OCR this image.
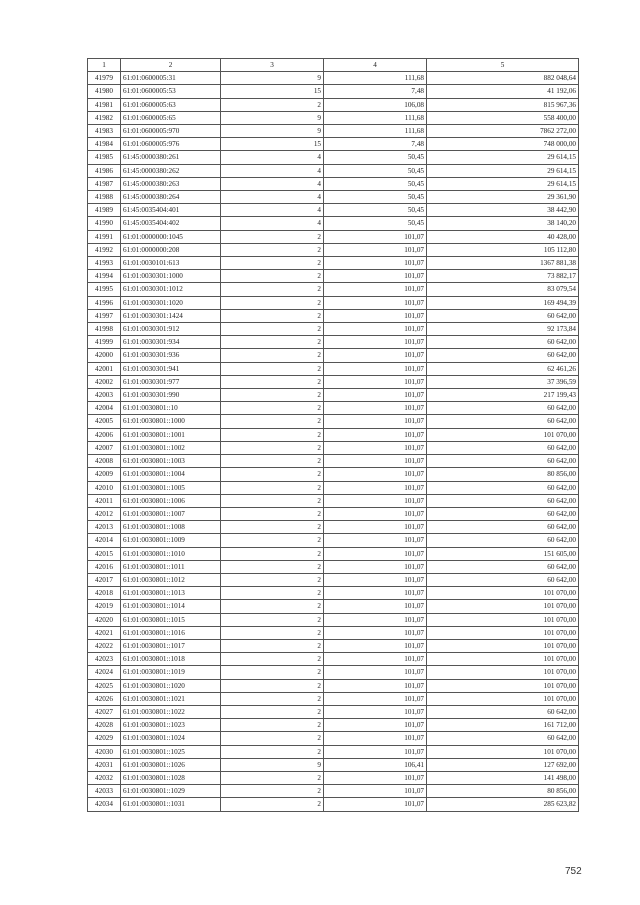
1	2	3	4	5
41979	61:01:0600005:31	9	111,68	882 048,64
41980	61:01:0600005:53	15	7,48	41 192,06
41981	61:01:0600005:63	2	106,08	815 967,36
41982	61:01:0600005:65	9	111,68	558 400,00
41983	61:01:0600005:970	9	111,68	7862 272,00
41984	61:01:0600005:976	15	7,48	748 000,00
41985	61:45:0000380:261	4	50,45	29 614,15
41986	61:45:0000380:262	4	50,45	29 614,15
41987	61:45:0000380:263	4	50,45	29 614,15
41988	61:45:0000380:264	4	50,45	29 361,90
41989	61:45:0035404:401	4	50,45	38 442,90
41990	61:45:0035404:402	4	50,45	38 140,20
41991	61:01:0000000:1045	2	101,07	40 428,00
41992	61:01:0000000:208	2	101,07	105 112,80
41993	61:01:0030101:613	2	101,07	1367 881,38
41994	61:01:0030301:1000	2	101,07	73 882,17
41995	61:01:0030301:1012	2	101,07	83 079,54
41996	61:01:0030301:1020	2	101,07	169 494,39
41997	61:01:0030301:1424	2	101,07	60 642,00
41998	61:01:0030301:912	2	101,07	92 173,84
41999	61:01:0030301:934	2	101,07	60 642,00
42000	61:01:0030301:936	2	101,07	60 642,00
42001	61:01:0030301:941	2	101,07	62 461,26
42002	61:01:0030301:977	2	101,07	37 396,59
42003	61:01:0030301:990	2	101,07	217 199,43
42004	61:01:0030801::10	2	101,07	60 642,00
42005	61:01:0030801::1000	2	101,07	60 642,00
42006	61:01:0030801::1001	2	101,07	101 070,00
42007	61:01:0030801::1002	2	101,07	60 642,00
42008	61:01:0030801::1003	2	101,07	60 642,00
42009	61:01:0030801::1004	2	101,07	80 856,00
42010	61:01:0030801::1005	2	101,07	60 642,00
42011	61:01:0030801::1006	2	101,07	60 642,00
42012	61:01:0030801::1007	2	101,07	60 642,00
42013	61:01:0030801::1008	2	101,07	60 642,00
42014	61:01:0030801::1009	2	101,07	60 642,00
42015	61:01:0030801::1010	2	101,07	151 605,00
42016	61:01:0030801::1011	2	101,07	60 642,00
42017	61:01:0030801::1012	2	101,07	60 642,00
42018	61:01:0030801::1013	2	101,07	101 070,00
42019	61:01:0030801::1014	2	101,07	101 070,00
42020	61:01:0030801::1015	2	101,07	101 070,00
42021	61:01:0030801::1016	2	101,07	101 070,00
42022	61:01:0030801::1017	2	101,07	101 070,00
42023	61:01:0030801::1018	2	101,07	101 070,00
42024	61:01:0030801::1019	2	101,07	101 070,00
42025	61:01:0030801::1020	2	101,07	101 070,00
42026	61:01:0030801::1021	2	101,07	101 070,00
42027	61:01:0030801::1022	2	101,07	60 642,00
42028	61:01:0030801::1023	2	101,07	161 712,00
42029	61:01:0030801::1024	2	101,07	60 642,00
42030	61:01:0030801::1025	2	101,07	101 070,00
42031	61:01:0030801::1026	9	106,41	127 692,00
42032	61:01:0030801::1028	2	101,07	141 498,00
42033	61:01:0030801::1029	2	101,07	80 856,00
42034	61:01:0030801::1031	2	101,07	285 623,82
752
